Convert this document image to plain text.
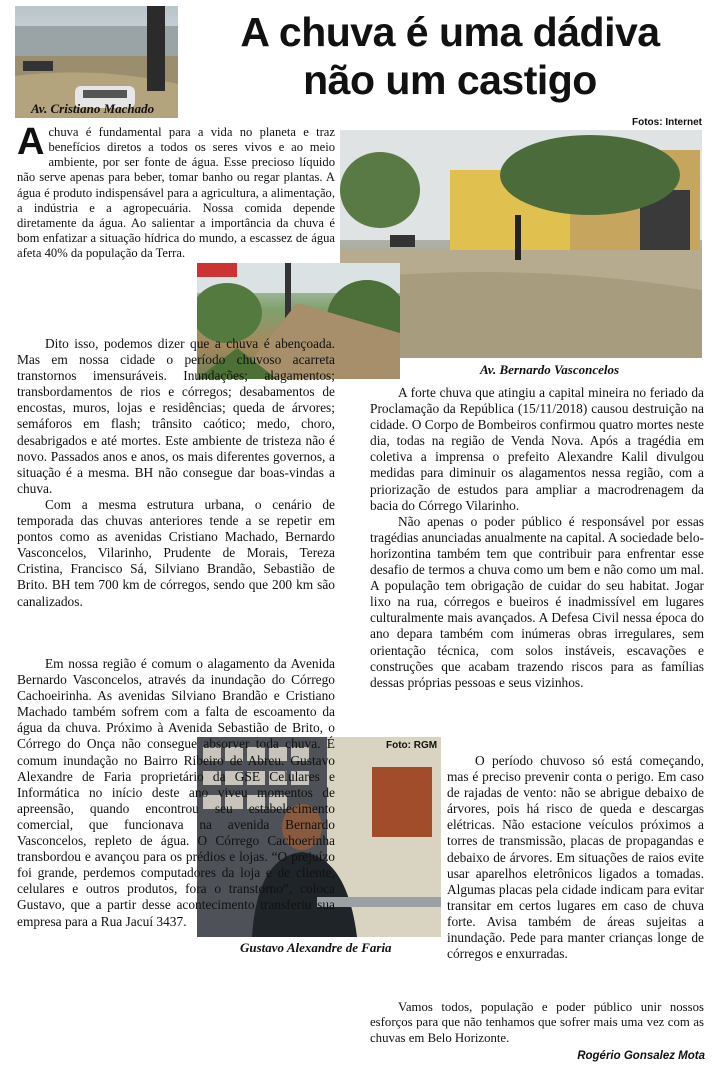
Av. Cristiano Machado
A chuva é uma dádiva
não um castigo
Fotos: Internet
Av. Bernardo Vasconcelos
Foto: RGM
Gustavo Alexandre de Faria

Achuva é fundamental para a vida no planeta e traz benefícios diretos a todos os seres vivos e ao meio ambiente, por ser fonte de água. Esse precioso líquido não serve apenas para beber, tomar banho ou regar plantas. A água é produto indispensável para a agricultura, a alimentação, a indústria e a agropecuária. Nossa comida depende diretamente da água. Ao salientar a importância da chuva é bom enfatizar a situação hídrica do mundo, a escassez de água afeta 40% da população da Terra.

Dito isso, podemos dizer que a chuva é abençoada. Mas em nossa cidade o período chuvoso acarreta transtornos imensuráveis. Inundações; alagamentos; transbordamentos de rios e córregos; desabamentos de encostas, muros, lojas e residências; queda de árvores; semáforos em flash; trânsito caótico; medo, choro, desabrigados e até mortes. Este ambiente de tristeza não é novo. Passados anos e anos, os mais diferentes governos, a situação é a mesma. BH não consegue dar boas-vindas a chuva.

Com a mesma estrutura urbana, o cenário de temporada das chuvas anteriores tende a se repetir em pontos como as avenidas Cristiano Machado, Bernardo Vasconcelos, Vilarinho, Prudente de Morais, Tereza Cristina, Francisco Sá, Silviano Brandão, Sebastião de Brito. BH tem 700 km de córregos, sendo que 200 km são canalizados.

Em nossa região é comum o alagamento da Avenida Bernardo Vasconcelos, através da inundação do Córrego Cachoeirinha. As avenidas Silviano Brandão e Cristiano Machado também sofrem com a falta de escoamento da água da chuva. Próximo à Avenida Sebastião de Brito, o Córrego do Onça não consegue absorver toda chuva. É comum inundação no Bairro Ribeiro de Abreu. Gustavo Alexandre de Faria proprietário da GSE Celulares e Informática no início deste ano viveu momentos de apreensão, quando encontrou seu estabelecimento comercial, que funcionava na avenida Bernardo Vasconcelos, repleto de água. O Córrego Cachoerinha transbordou e avançou para os prédios e lojas. “O prejuízo foi grande, perdemos computadores da loja e de cliente, celulares e outros produtos, fora o transtorno”, coloca Gustavo, que a partir desse acontecimento transferiu sua empresa para a Rua Jacuí 3437.

A forte chuva que atingiu a capital mineira no feriado da Proclamação da República (15/11/2018) causou destruição na cidade. O Corpo de Bombeiros confirmou quatro mortes neste dia, todas na região de Venda Nova. Após a tragédia em coletiva a imprensa o prefeito Alexandre Kalil divulgou medidas para diminuir os alagamentos nessa região, com a priorização de estudos para ampliar a macrodrenagem da bacia do Córrego Vilarinho.

Não apenas o poder público é responsável por essas tragédias anunciadas anualmente na capital. A sociedade belo-horizontina também tem que contribuir para enfrentar esse desafio de termos a chuva como um bem e não como um mal. A população tem obrigação de cuidar do seu habitat. Jogar lixo na rua, córregos e bueiros é inadmissível em lugares culturalmente mais avançados. A Defesa Civil nessa época do ano depara também com inúmeras obras irregulares, sem orientação técnica, com solos instáveis, escavações e construções que acabam trazendo riscos para as famílias dessas próprias pessoas e seus vizinhos.

O período chuvoso só está começando, mas é preciso prevenir conta o perigo. Em caso de rajadas de vento: não se abrigue debaixo de árvores, pois há risco de queda e descargas elétricas. Não estacione veículos próximos a torres de transmissão, placas de propagandas e debaixo de árvores. Em situações de raios evite usar aparelhos eletrônicos ligados a tomadas. Algumas placas pela cidade indicam para evitar transitar em certos lugares em caso de chuva forte. Avisa também de áreas sujeitas a inundação. Pede para manter crianças longe de córregos e enxurradas.

Vamos todos, população e poder público unir nossos esforços para que não tenhamos que sofrer mais uma vez com as chuvas em Belo Horizonte.

Rogério Gonsalez Mota
